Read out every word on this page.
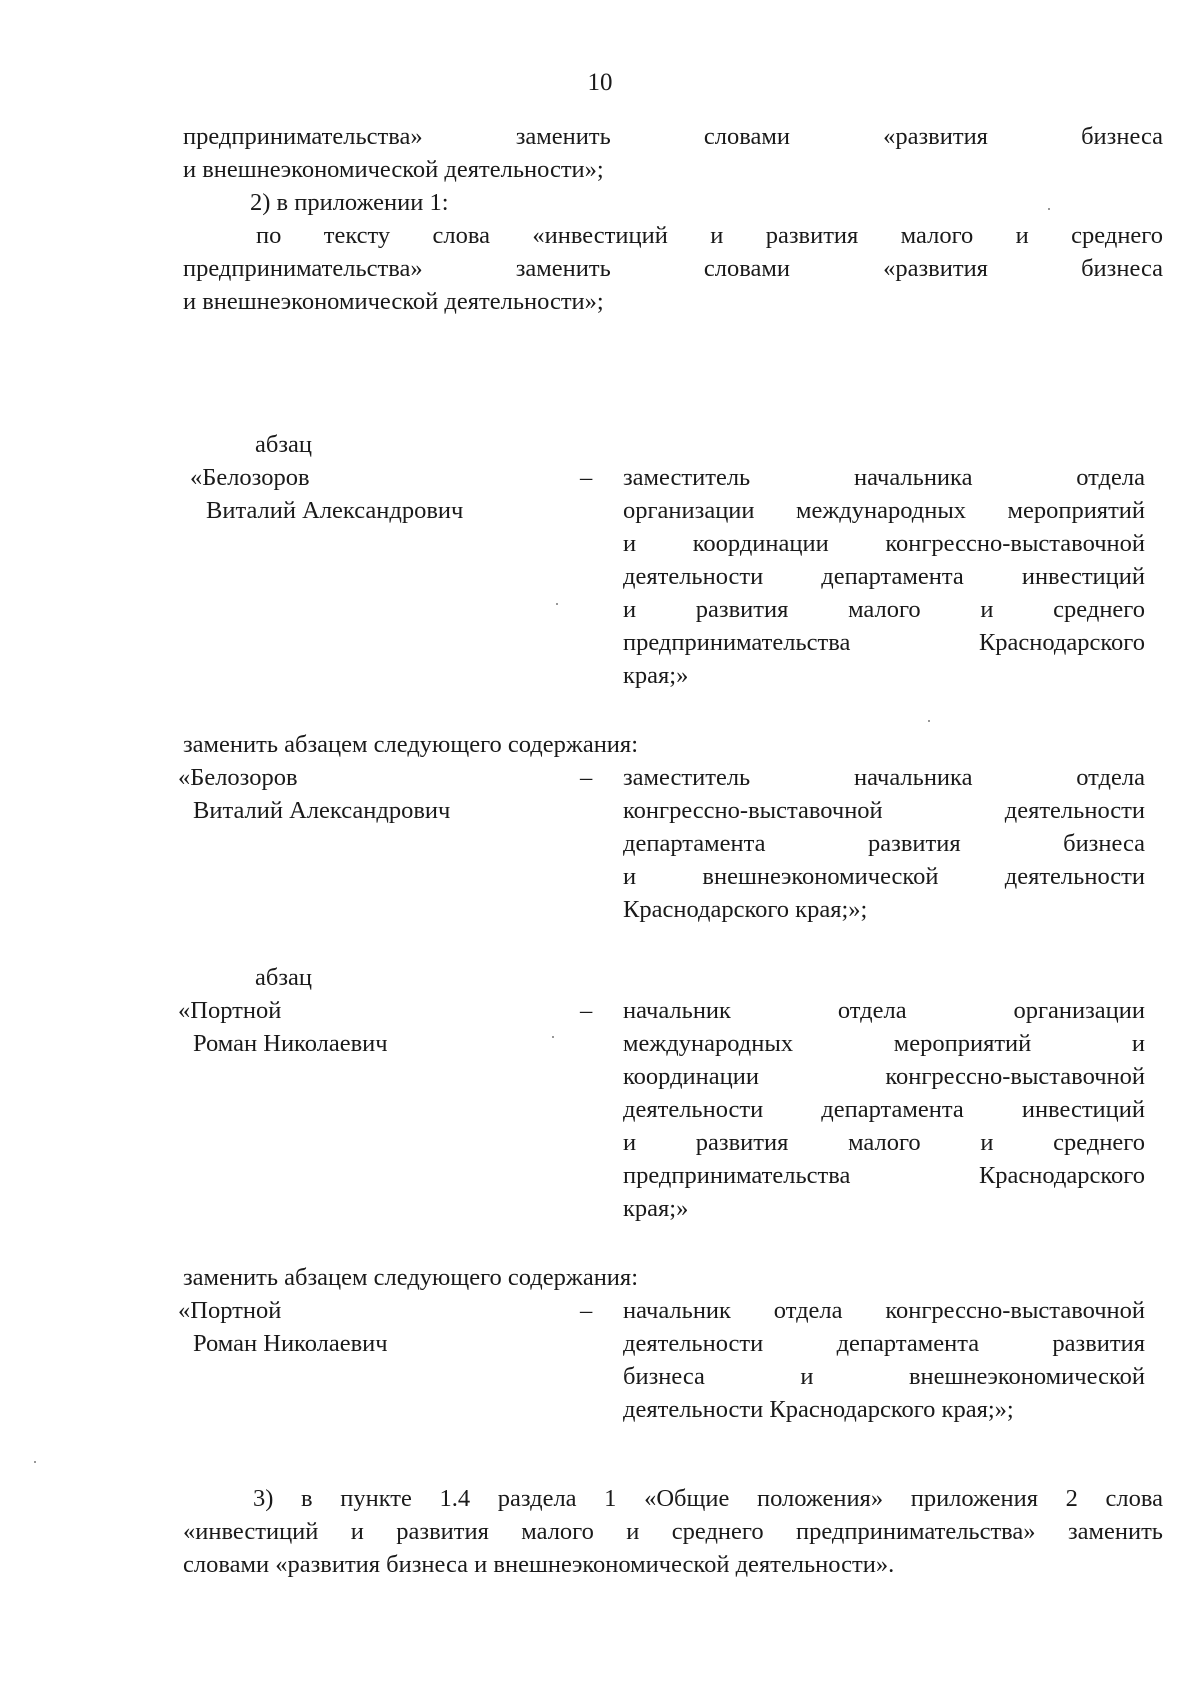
10
предпринимательства» заменить словами «развития бизнеса
и внешнеэкономической деятельности»;
2) в приложении 1:
по тексту слова «инвестиций и развития малого и среднего
предпринимательства» заменить словами «развития бизнеса
и внешнеэкономической деятельности»;
абзац
«Белозоров
Виталий Александрович
– заместитель начальника отдела
организации международных мероприятий
и координации конгрессно-выставочной
деятельности департамента инвестиций
и развития малого и среднего
предпринимательства Краснодарского
края;»
заменить абзацем следующего содержания:
«Белозоров
Виталий Александрович
– заместитель начальника отдела
конгрессно-выставочной деятельности
департамента развития бизнеса
и внешнеэкономической деятельности
Краснодарского края;»;
абзац
«Портной
Роман Николаевич
– начальник отдела организации
международных мероприятий и
координации конгрессно-выставочной
деятельности департамента инвестиций
и развития малого и среднего
предпринимательства Краснодарского
края;»
заменить абзацем следующего содержания:
«Портной
Роман Николаевич
– начальник отдела конгрессно-выставочной
деятельности департамента развития
бизнеса и внешнеэкономической
деятельности Краснодарского края;»;
3) в пункте 1.4 раздела 1 «Общие положения» приложения 2 слова
«инвестиций и развития малого и среднего предпринимательства» заменить
словами «развития бизнеса и внешнеэкономической деятельности».
